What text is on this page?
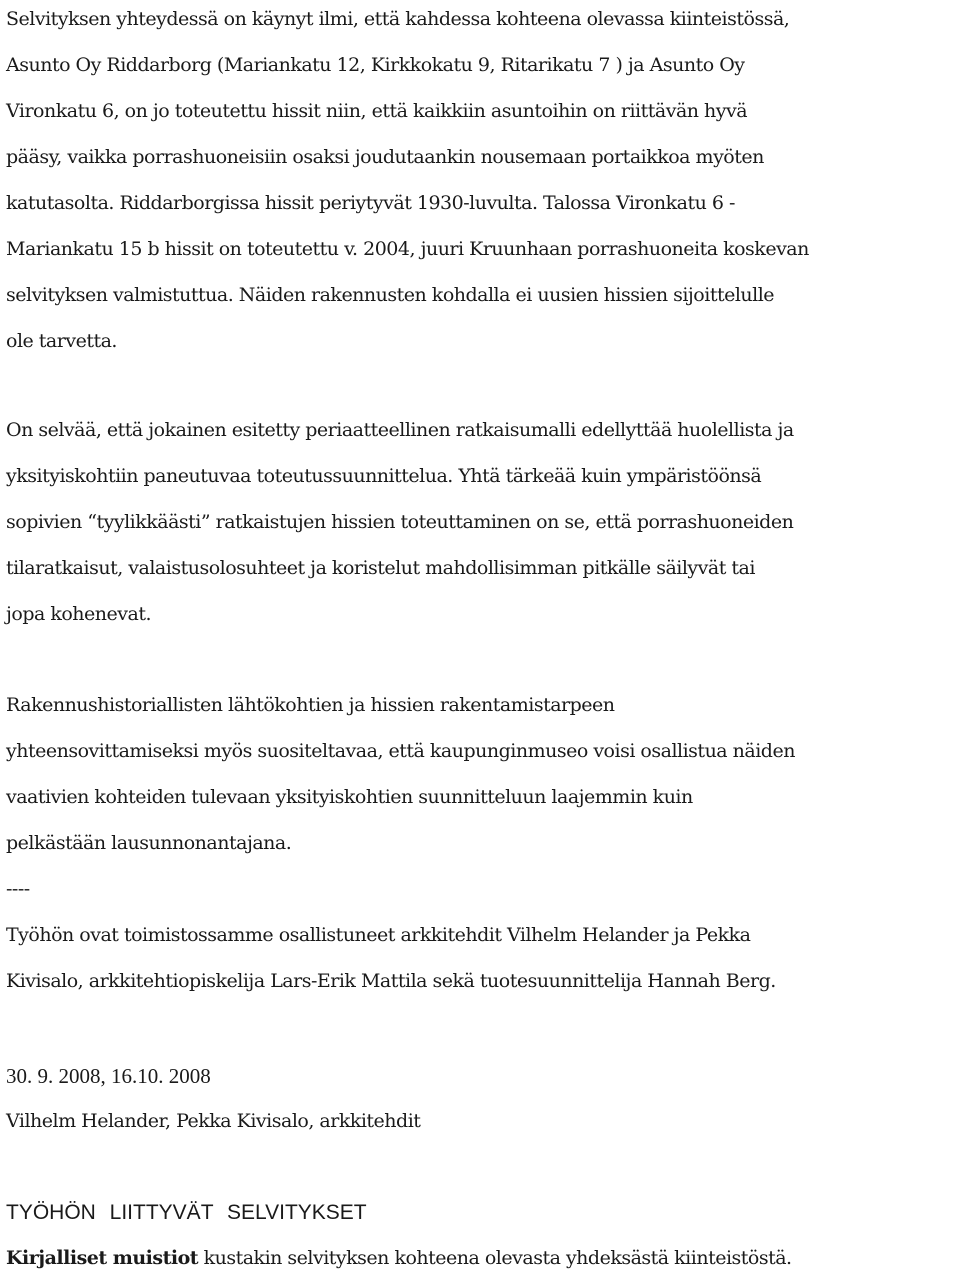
Selvityksen yhteydessä on käynyt ilmi, että kahdessa kohteena olevassa kiinteistössä,
Asunto Oy Riddarborg (Mariankatu 12, Kirkkokatu 9, Ritarikatu 7 ) ja Asunto Oy
Vironkatu 6, on jo toteutettu hissit niin, että kaikkiin asuntoihin on riittävän hyvä
pääsy, vaikka porrashuoneisiin osaksi joudutaankin nousemaan portaikkoa myöten
katutasolta. Riddarborgissa hissit periytyvät 1930-luvulta. Talossa Vironkatu 6 -
Mariankatu 15 b hissit on toteutettu v. 2004, juuri Kruunhaan porrashuoneita koskevan
selvityksen valmistuttua. Näiden rakennusten kohdalla ei uusien hissien sijoittelulle
ole tarvetta.
On selvää, että jokainen esitetty periaatteellinen ratkaisumalli edellyttää huolellista ja
yksityiskohtiin paneutuvaa toteutussuunnittelua. Yhtä tärkeää kuin ympäristöönsä
sopivien “tyylikkäästi” ratkaistujen hissien toteuttaminen on se, että porrashuoneiden
tilaratkaisut, valaistusolosuhteet ja koristelut mahdollisimman pitkälle säilyvät tai
jopa kohenevat.
Rakennushistoriallisten lähtökohtien ja hissien rakentamistarpeen
yhteensovittamiseksi myös suositeltavaa, että kaupunginmuseo voisi osallistua näiden
vaativien kohteiden tulevaan yksityiskohtien suunnitteluun laajemmin kuin
pelkästään lausunnonantajana.
----
Työhön ovat toimistossamme osallistuneet arkkitehdit Vilhelm Helander ja Pekka
Kivisalo, arkkitehtiopiskelija Lars-Erik Mattila sekä tuotesuunnittelija Hannah Berg.
30. 9. 2008, 16.10. 2008
Vilhelm Helander, Pekka Kivisalo, arkkitehdit
TYÖHÖN LIITTYVÄT SELVITYKSET
Kirjalliset muistiot kustakin selvityksen kohteena olevasta yhdeksästä kiinteistöstä.
